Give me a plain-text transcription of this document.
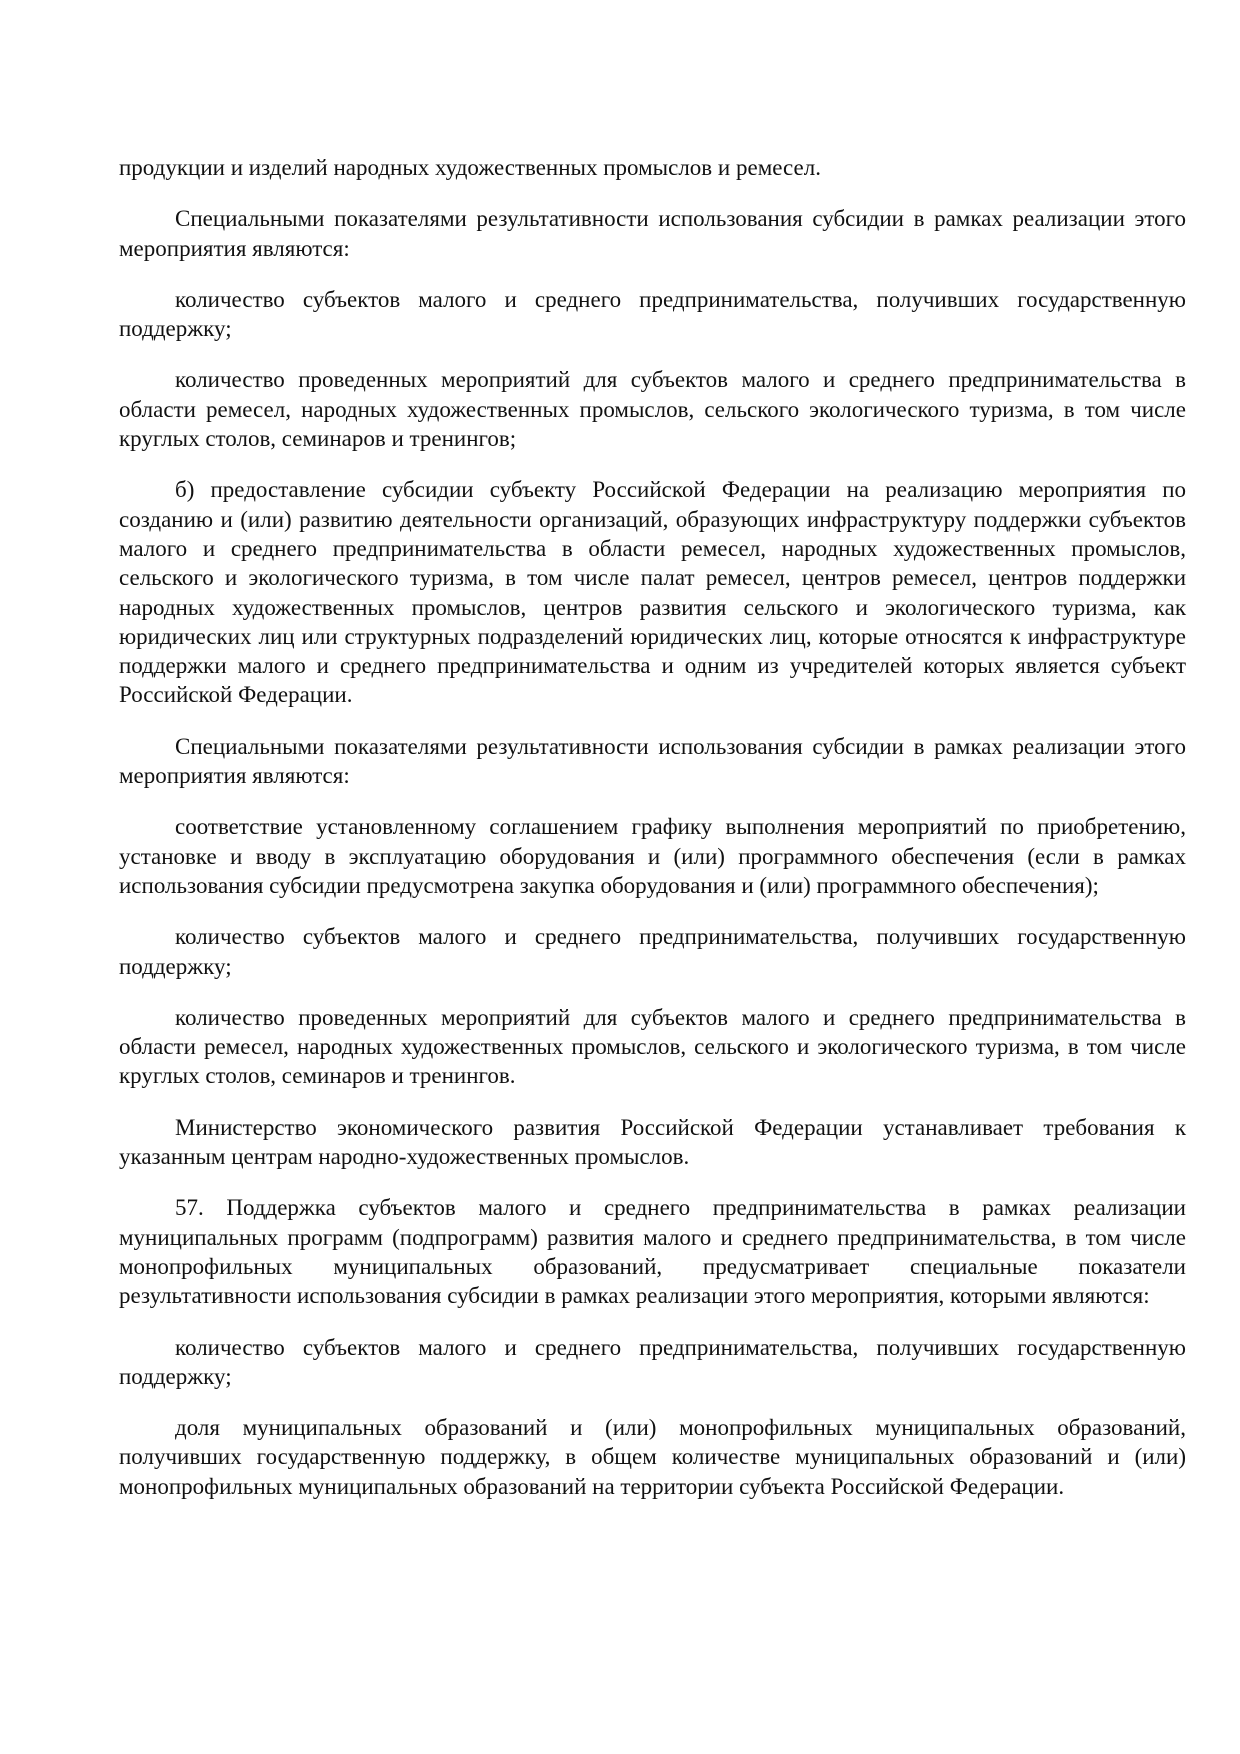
продукции и изделий народных художественных промыслов и ремесел.

Специальными показателями результативности использования субсидии в рамках реализации этого мероприятия являются:

количество субъектов малого и среднего предпринимательства, получивших государственную поддержку;

количество проведенных мероприятий для субъектов малого и среднего предпринимательства в области ремесел, народных художественных промыслов, сельского экологического туризма, в том числе круглых столов, семинаров и тренингов;

б) предоставление субсидии субъекту Российской Федерации на реализацию мероприятия по созданию и (или) развитию деятельности организаций, образующих инфраструктуру поддержки субъектов малого и среднего предпринимательства в области ремесел, народных художественных промыслов, сельского и экологического туризма, в том числе палат ремесел, центров ремесел, центров поддержки народных художественных промыслов, центров развития сельского и экологического туризма, как юридических лиц или структурных подразделений юридических лиц, которые относятся к инфраструктуре поддержки малого и среднего предпринимательства и одним из учредителей которых является субъект Российской Федерации.

Специальными показателями результативности использования субсидии в рамках реализации этого мероприятия являются:

соответствие установленному соглашением графику выполнения мероприятий по приобретению, установке и вводу в эксплуатацию оборудования и (или) программного обеспечения (если в рамках использования субсидии предусмотрена закупка оборудования и (или) программного обеспечения);

количество субъектов малого и среднего предпринимательства, получивших государственную поддержку;

количество проведенных мероприятий для субъектов малого и среднего предпринимательства в области ремесел, народных художественных промыслов, сельского и экологического туризма, в том числе круглых столов, семинаров и тренингов.

Министерство экономического развития Российской Федерации устанавливает требования к указанным центрам народно-художественных промыслов.

57. Поддержка субъектов малого и среднего предпринимательства в рамках реализации муниципальных программ (подпрограмм) развития малого и среднего предпринимательства, в том числе монопрофильных муниципальных образований, предусматривает специальные показатели результативности использования субсидии в рамках реализации этого мероприятия, которыми являются:

количество субъектов малого и среднего предпринимательства, получивших государственную поддержку;

доля муниципальных образований и (или) монопрофильных муниципальных образований, получивших государственную поддержку, в общем количестве муниципальных образований и (или) монопрофильных муниципальных образований на территории субъекта Российской Федерации.
